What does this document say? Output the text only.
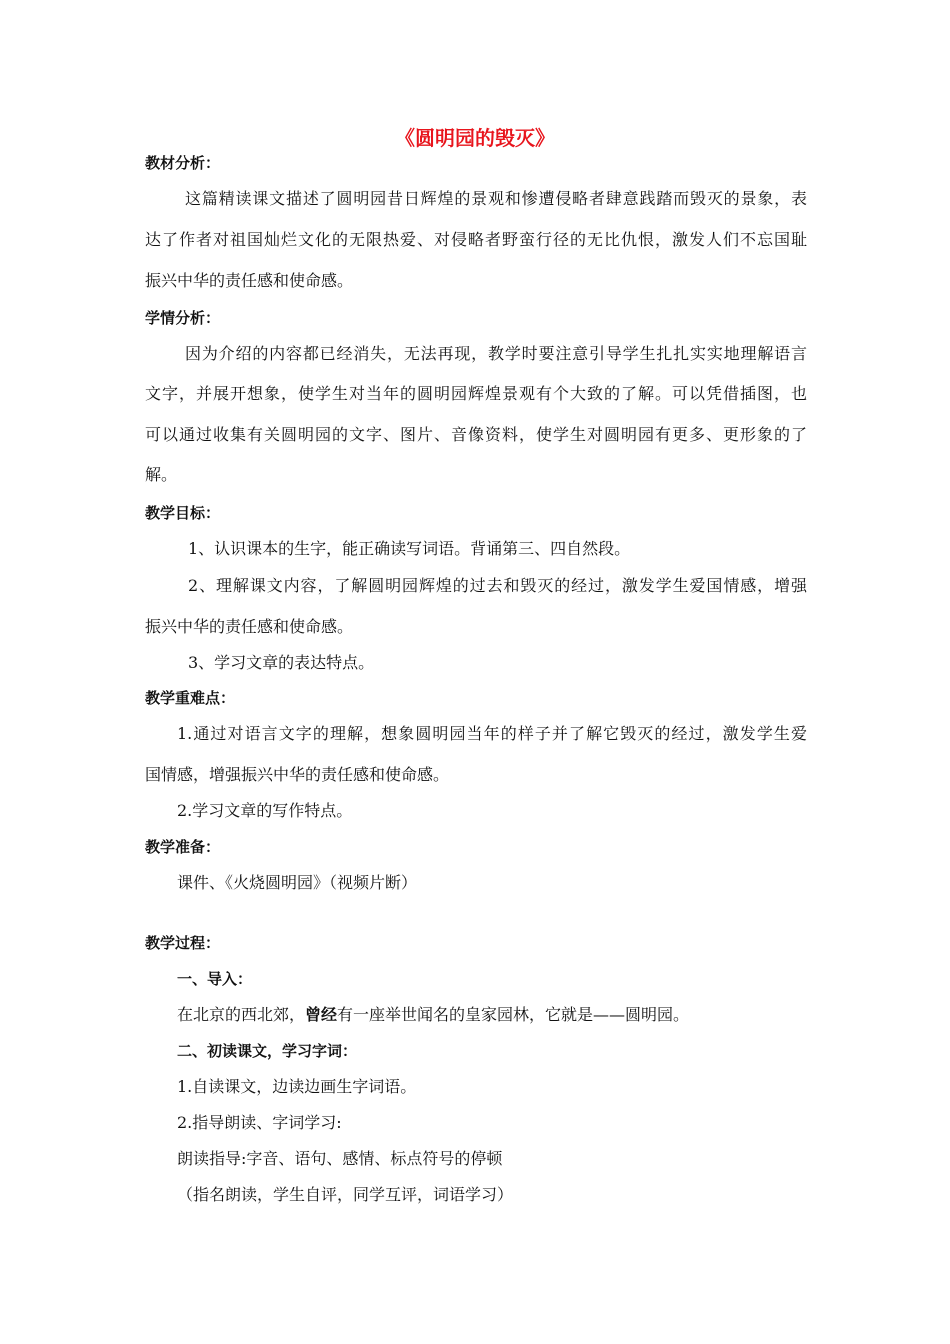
《圆明园的毁灭》
教材分析：
这篇精读课文描述了圆明园昔日辉煌的景观和惨遭侵略者肆意践踏而毁灭的景象，表
达了作者对祖国灿烂文化的无限热爱、对侵略者野蛮行径的无比仇恨，激发人们不忘国耻
振兴中华的责任感和使命感。
学情分析：
因为介绍的内容都已经消失，无法再现，教学时要注意引导学生扎扎实实地理解语言
文字，并展开想象，使学生对当年的圆明园辉煌景观有个大致的了解。可以凭借插图，也
可以通过收集有关圆明园的文字、图片、音像资料，使学生对圆明园有更多、更形象的了
解。
教学目标：
1、认识课本的生字，能正确读写词语。背诵第三、四自然段。
2、理解课文内容，了解圆明园辉煌的过去和毁灭的经过，激发学生爱国情感，增强
振兴中华的责任感和使命感。
3、学习文章的表达特点。
教学重难点：
1.通过对语言文字的理解，想象圆明园当年的样子并了解它毁灭的经过，激发学生爱
国情感，增强振兴中华的责任感和使命感。
2.学习文章的写作特点。
教学准备：
课件、《火烧圆明园》（视频片断）
教学过程：
一、导入：
在北京的西北郊，曾经有一座举世闻名的皇家园林，它就是——圆明园。
二、初读课文，学习字词：
1.自读课文，边读边画生字词语。
2.指导朗读、字词学习:
朗读指导:字音、语句、感情、标点符号的停顿
（指名朗读，学生自评，同学互评，词语学习）
